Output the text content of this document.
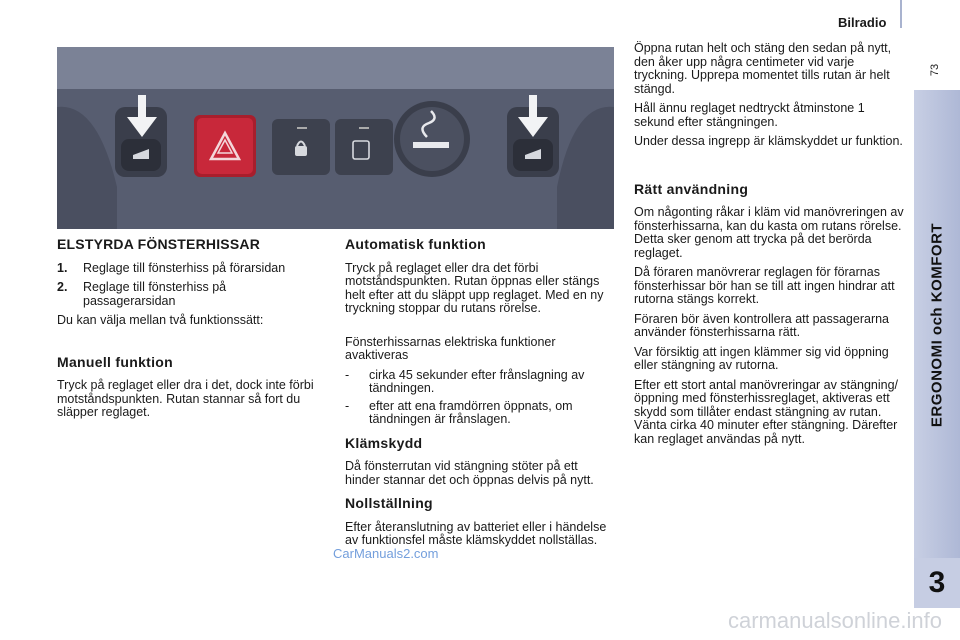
Bilradio
73
ERGONOMI och KOMFORT
3
ELSTYRDA FÖNSTERHISSAR
1.	Reglage till fönsterhiss på förarsidan
2.	Reglage till fönsterhiss på passagerarsidan

Du kan välja mellan två funktionssätt:

Manuell funktion

Tryck på reglaget eller dra i det, dock inte förbi motståndspunkten. Rutan stannar så fort du släpper reglaget.

Automatisk funktion

Tryck på reglaget eller dra det förbi motståndspunkten. Rutan öppnas eller stängs helt efter att du släppt upp reglaget. Med en ny tryckning stoppar du rutans rörelse.

Fönsterhissarnas elektriska funktioner avaktiveras

-	cirka 45 sekunder efter frånslagning av tändningen.
-	efter att ena framdörren öppnats, om tändningen är frånslagen.
Klämskydd

Då fönsterrutan vid stängning stöter på ett hinder stannar det och öppnas delvis på nytt.

Nollställning

Efter återanslutning av batteriet eller i händelse av funktionsfel måste klämskyddet nollställas.

Öppna rutan helt och stäng den sedan på nytt, den åker upp några centimeter vid varje tryckning. Upprepa momentet tills rutan är helt stängd.

Håll ännu reglaget nedtryckt åtminstone 1 sekund efter stängningen.

Under dessa ingrepp är klämskyddet ur funktion.

Rätt användning

Om någonting råkar i kläm vid manövreringen av fönsterhissarna, kan du kasta om rutans rörelse. Detta sker genom att trycka på det berörda reglaget.

Då föraren manövrerar reglagen för förarnas fönsterhissar bör han se till att ingen hindrar att rutorna stängs korrekt.

Föraren bör även kontrollera att passagerarna använder fönsterhissarna rätt.

Var försiktig att ingen klämmer sig vid öppning eller stängning av rutorna.

Efter ett stort antal manövreringar av stängning/öppning med fönsterhissreglaget, aktiveras ett skydd som tillåter endast stängning av rutan. Vänta cirka 40 minuter efter stängning. Därefter kan reglaget användas på nytt.

CarManuals2.com
carmanualsonline.info
